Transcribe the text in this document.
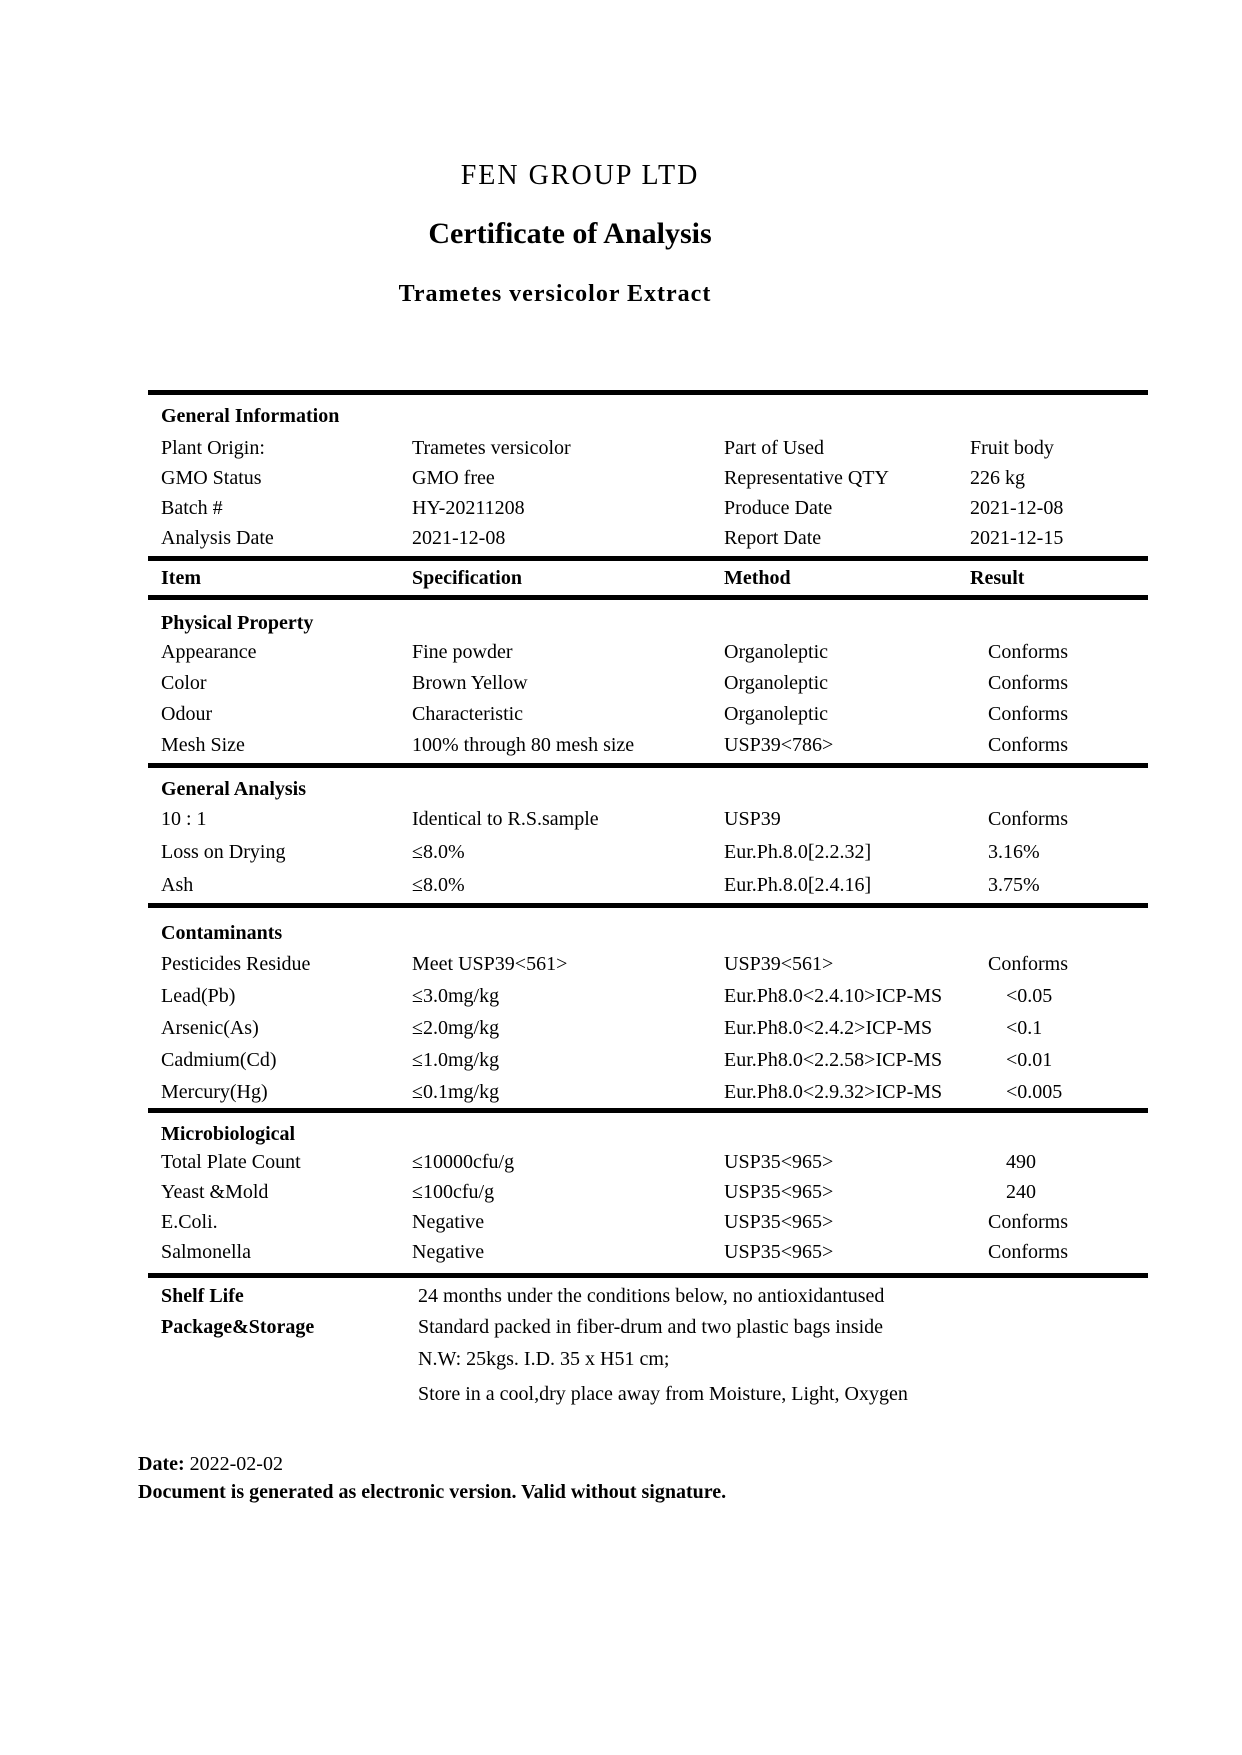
FEN GROUP LTD
Certificate of Analysis
Trametes versicolor Extract
General Information
Plant Origin:	Trametes versicolor	Part of Used	Fruit body
GMO Status	GMO free	Representative QTY	226 kg
Batch #	HY-20211208	Produce Date	2021-12-08
Analysis Date	2021-12-08	Report Date	2021-12-15
Item	Specification	Method	Result
Physical Property
Appearance	Fine powder	Organoleptic	Conforms
Color	Brown Yellow	Organoleptic	Conforms
Odour	Characteristic	Organoleptic	Conforms
Mesh Size	100% through 80 mesh size	USP39<786>	Conforms
General Analysis
10 : 1	Identical to R.S.sample	USP39	Conforms
Loss on Drying	≤8.0%	Eur.Ph.8.0[2.2.32]	3.16%
Ash	≤8.0%	Eur.Ph.8.0[2.4.16]	3.75%
Contaminants
Pesticides Residue	Meet USP39<561>	USP39<561>	Conforms
Lead(Pb)	≤3.0mg/kg	Eur.Ph8.0<2.4.10>ICP-MS	<0.05
Arsenic(As)	≤2.0mg/kg	Eur.Ph8.0<2.4.2>ICP-MS	<0.1
Cadmium(Cd)	≤1.0mg/kg	Eur.Ph8.0<2.2.58>ICP-MS	<0.01
Mercury(Hg)	≤0.1mg/kg	Eur.Ph8.0<2.9.32>ICP-MS	<0.005
Microbiological
Total Plate Count	≤10000cfu/g	USP35<965>	490
Yeast &Mold	≤100cfu/g	USP35<965>	240
E.Coli.	Negative	USP35<965>	Conforms
Salmonella	Negative	USP35<965>	Conforms
Shelf Life	24 months under the conditions below, no antioxidantused
Package&Storage	Standard packed in fiber-drum and two plastic bags inside
N.W: 25kgs. I.D. 35 x H51 cm;
Store in a cool,dry place away from Moisture, Light, Oxygen
Date: 2022-02-02
Document is generated as electronic version. Valid without signature.
